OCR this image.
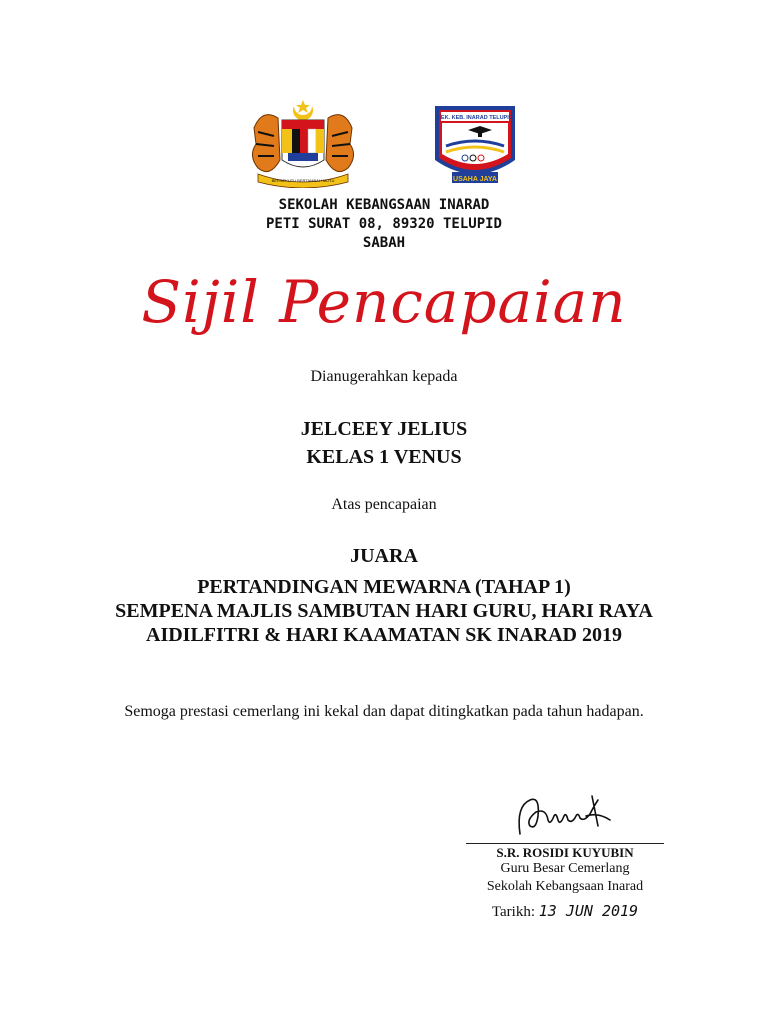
BERSEKUTU BERTAMBAH MUTU
SEK. KEB. INARAD TELUPID
USAHA JAYA
SEKOLAH KEBANGSAAN INARAD
PETI SURAT 08, 89320 TELUPID
SABAH
Sijil Pencapaian
Dianugerahkan kepada
JELCEEY JELIUS
KELAS 1 VENUS
Atas pencapaian
JUARA
PERTANDINGAN MEWARNA (TAHAP 1)
SEMPENA MAJLIS SAMBUTAN HARI GURU, HARI RAYA
AIDILFITRI & HARI KAAMATAN SK INARAD 2019
Semoga prestasi cemerlang ini kekal dan dapat ditingkatkan pada tahun hadapan.
S.R. ROSIDI KUYUBIN
Guru Besar Cemerlang
Sekolah Kebangsaan Inarad
Tarikh: 13 JUN 2019
